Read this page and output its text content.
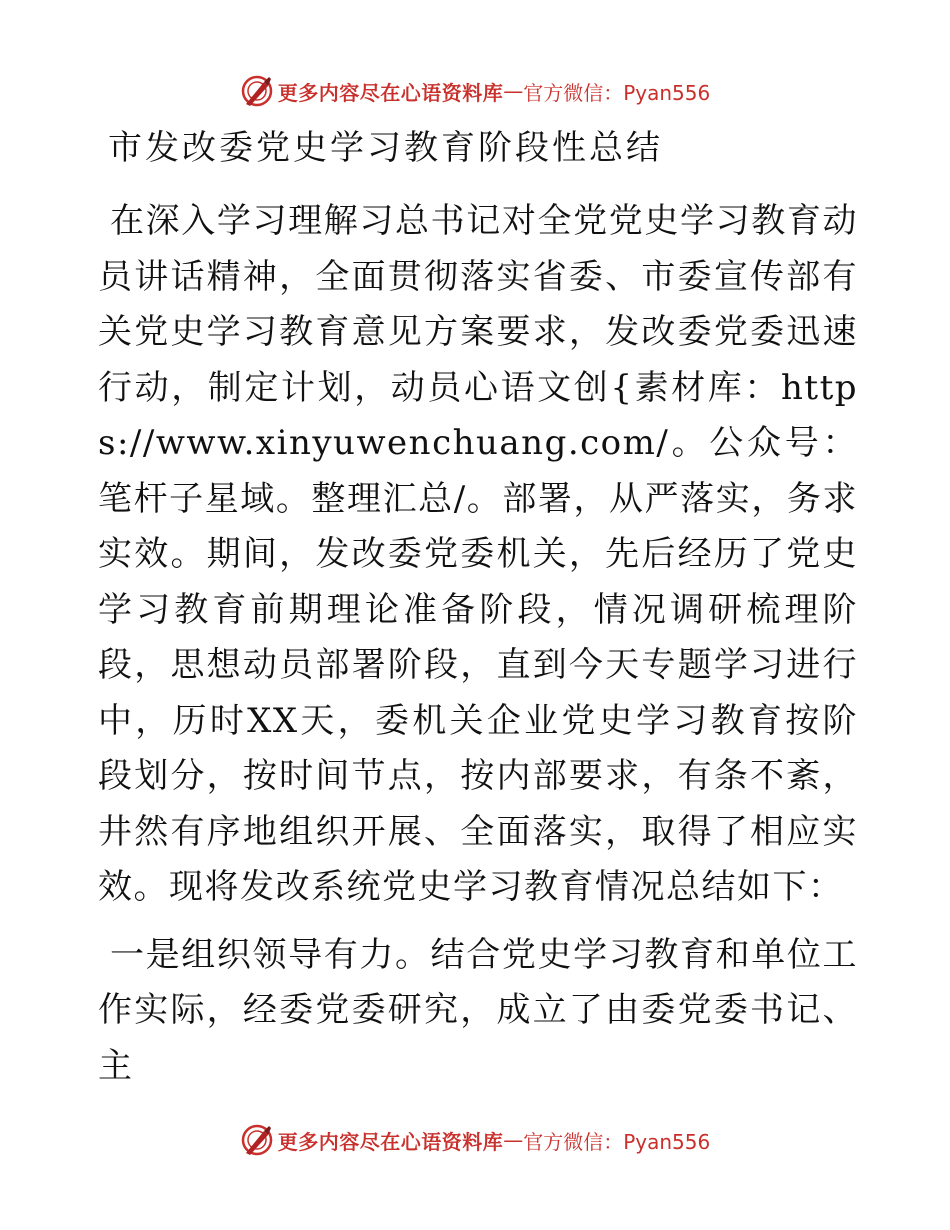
更多内容尽在心语资料库 — 官方微信：Pyan556
市发改委党史学习教育阶段性总结

在深入学习理解习总书记对全党党史学习教育动员讲话精神，全面贯彻落实省委、市委宣传部有关党史学习教育意见方案要求，发改委党委迅速行动，制定计划，动员心语文创{素材库：https://www.xinyuwenchuang.com/。公众号：笔杆子星域。整理汇总/。部署，从严落实，务求实效。期间，发改委党委机关，先后经历了党史学习教育前期理论准备阶段，情况调研梳理阶段，思想动员部署阶段，直到今天专题学习进行中，历时XX天，委机关企业党史学习教育按阶段划分，按时间节点，按内部要求，有条不紊，井然有序地组织开展、全面落实，取得了相应实效。现将发改系统党史学习教育情况总结如下：

一是组织领导有力。结合党史学习教育和单位工作实际，经委党委研究，成立了由委党委书记、主

更多内容尽在心语资料库 — 官方微信：Pyan556
